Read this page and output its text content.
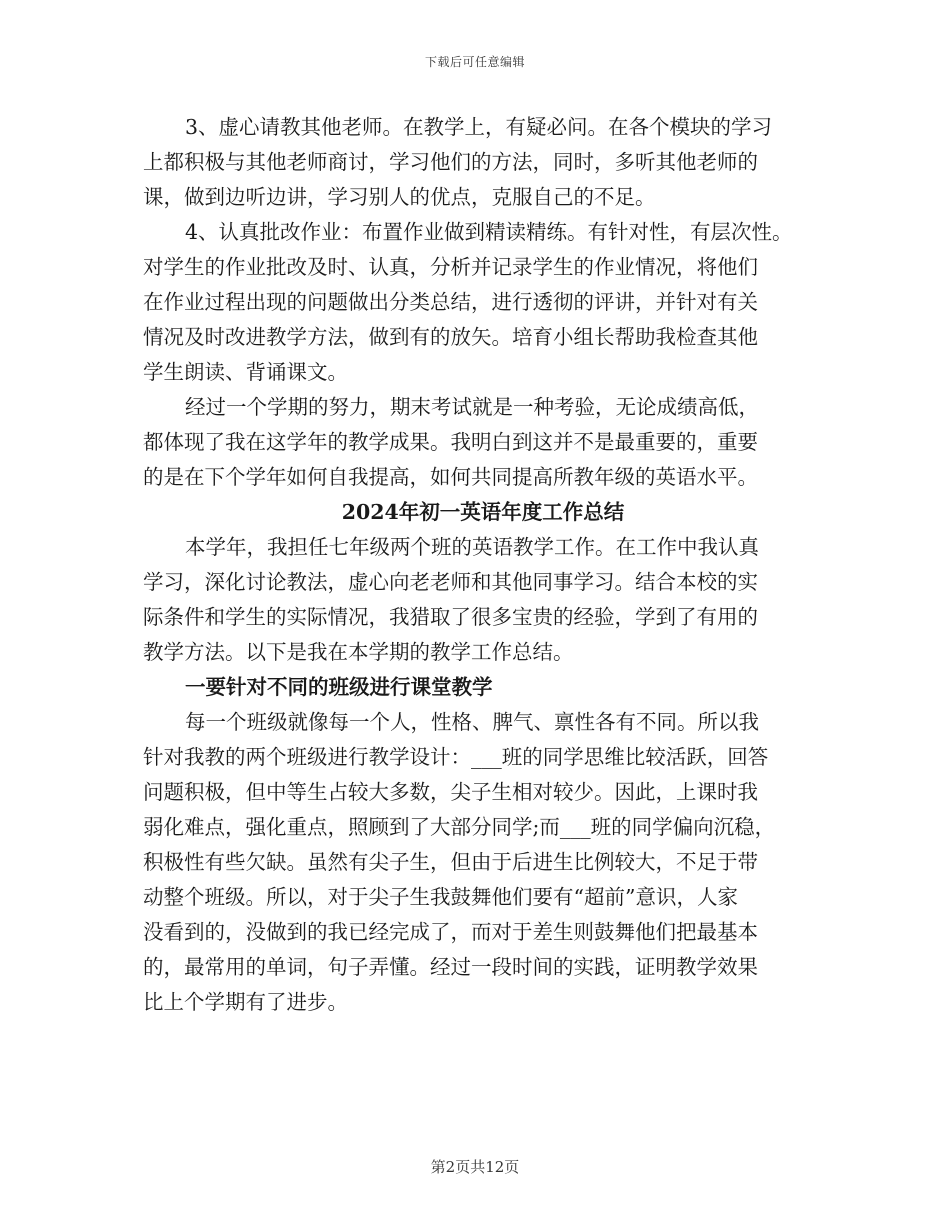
下载后可任意编辑
3、虚心请教其他老师。在教学上，有疑必问。在各个模块的学习
上都积极与其他老师商讨，学习他们的方法，同时，多听其他老师的
课，做到边听边讲，学习别人的优点，克服自己的不足。
4、认真批改作业：布置作业做到精读精练。有针对性，有层次性。
对学生的作业批改及时、认真，分析并记录学生的作业情况，将他们
在作业过程出现的问题做出分类总结，进行透彻的评讲，并针对有关
情况及时改进教学方法，做到有的放矢。培育小组长帮助我检查其他
学生朗读、背诵课文。
经过一个学期的努力，期末考试就是一种考验，无论成绩高低，
都体现了我在这学年的教学成果。我明白到这并不是最重要的，重要
的是在下个学年如何自我提高，如何共同提高所教年级的英语水平。
2024年初一英语年度工作总结
本学年，我担任七年级两个班的英语教学工作。在工作中我认真
学习，深化讨论教法，虚心向老老师和其他同事学习。结合本校的实
际条件和学生的实际情况，我猎取了很多宝贵的经验，学到了有用的
教学方法。以下是我在本学期的教学工作总结。
一要针对不同的班级进行课堂教学
每一个班级就像每一个人，性格、脾气、禀性各有不同。所以我
针对我教的两个班级进行教学设计：___班的同学思维比较活跃，回答
问题积极，但中等生占较大多数，尖子生相对较少。因此，上课时我
弱化难点，强化重点，照顾到了大部分同学;而___班的同学偏向沉稳，
积极性有些欠缺。虽然有尖子生，但由于后进生比例较大，不足于带
动整个班级。所以，对于尖子生我鼓舞他们要有“超前”意识，人家
没看到的，没做到的我已经完成了，而对于差生则鼓舞他们把最基本
的，最常用的单词，句子弄懂。经过一段时间的实践，证明教学效果
比上个学期有了进步。
第2页共12页
